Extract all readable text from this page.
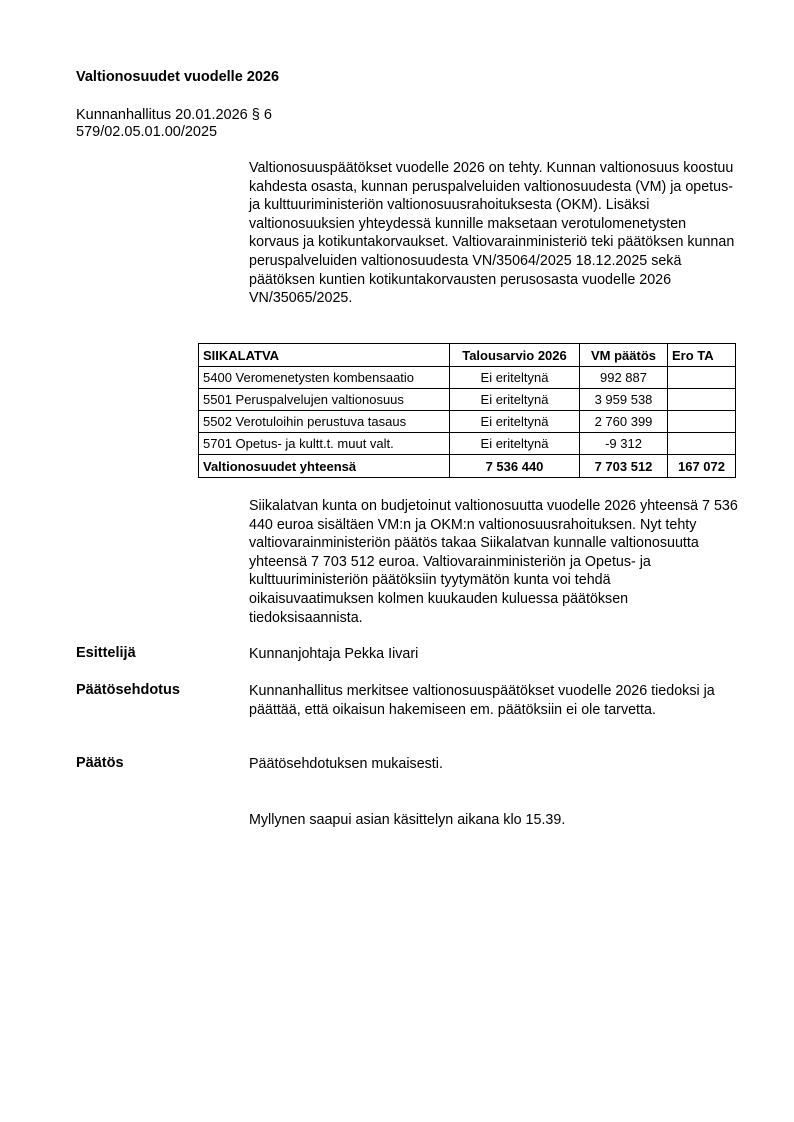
Valtionosuudet vuodelle 2026
Kunnanhallitus 20.01.2026 § 6
579/02.05.01.00/2025
Valtionosuuspäätökset vuodelle 2026 on tehty. Kunnan valtionosuus koostuu kahdesta osasta, kunnan peruspalveluiden valtionosuudesta (VM) ja opetus- ja kulttuuriministeriön valtionosuusrahoituksesta (OKM). Lisäksi valtionosuuksien yhteydessä kunnille maksetaan verotulomenetysten korvaus ja kotikuntakorvaukset. Valtiovarainministeriö teki päätöksen kunnan peruspalveluiden valtionosuudesta VN/35064/2025 18.12.2025 sekä päätöksen kuntien kotikuntakorvausten perusosasta vuodelle 2026 VN/35065/2025.
SIIKALATVA	Talousarvio 2026	VM päätös	Ero TA
5400 Veromenetysten kombensaatio	Ei eriteltynä	992 887	
5501 Peruspalvelujen valtionosuus	Ei eriteltynä	3 959 538	
5502 Verotuloihin perustuva tasaus	Ei eriteltynä	2 760 399	
5701 Opetus- ja kultt.t. muut valt.	Ei eriteltynä	-9 312	
Valtionosuudet yhteensä	7 536 440	7 703 512	167 072
Siikalatvan kunta on budjetoinut valtionosuutta vuodelle 2026 yhteensä 7 536 440 euroa sisältäen VM:n ja OKM:n valtionosuusrahoituksen. Nyt tehty valtiovarainministeriön päätös takaa Siikalatvan kunnalle valtionosuutta yhteensä 7 703 512 euroa. Valtiovarainministeriön ja Opetus- ja kulttuuriministeriön päätöksiin tyytymätön kunta voi tehdä oikaisuvaatimuksen kolmen kuukauden kuluessa päätöksen tiedoksisaannista.
Esittelijä	Kunnanjohtaja Pekka Iivari
Päätösehdotus	Kunnanhallitus merkitsee valtionosuuspäätökset vuodelle 2026 tiedoksi ja päättää, että oikaisun hakemiseen em. päätöksiin ei ole tarvetta.
Päätös	Päätösehdotuksen mukaisesti.
Myllynen saapui asian käsittelyn aikana klo 15.39.
